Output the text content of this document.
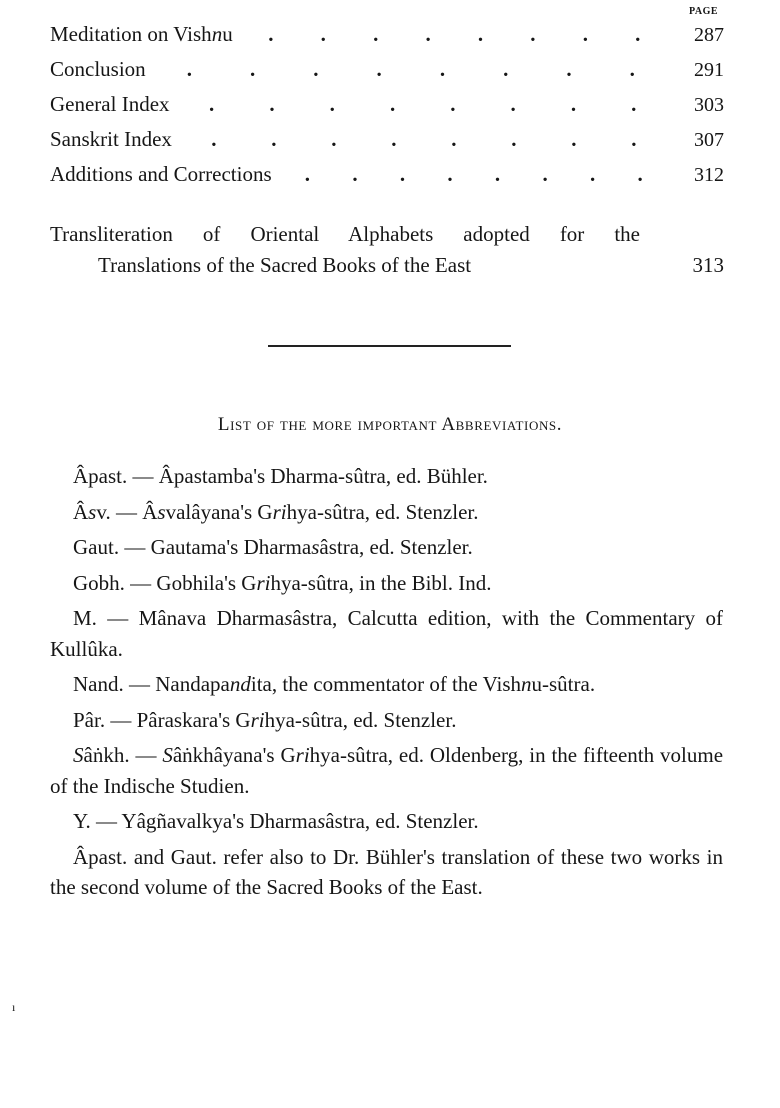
PAGE
Meditation on Vishnu . . . . . . . .	287
Conclusion .	.	.	.	.	.	.	.	291
General Index .	.	.	.	.	.	.	.	303
Sanskrit Index .	.	.	.	.	.	.	.	307
Additions and Corrections . . . . . . . .	312
Transliteration of Oriental Alphabets adopted for the
Translations of the Sacred Books of the East	313
List of the more important Abbreviations.
Âpast. — Âpastamba's Dharma-sûtra, ed. Bühler.
Âsv. — Âsvalâyana's Grihya-sûtra, ed. Stenzler.
Gaut. — Gautama's Dharmasâstra, ed. Stenzler.
Gobh. — Gobhila's Grihya-sûtra, in the Bibl. Ind.
M. — Mânava Dharmasâstra, Calcutta edition, with the Commentary of Kullûka.
Nand. — Nandapandita, the commentator of the Vishnu-sûtra.
Pâr. — Pâraskara's Grihya-sûtra, ed. Stenzler.
Sâṅkh. — Sâṅkhâyana's Grihya-sûtra, ed. Oldenberg, in the fifteenth volume of the Indische Studien.
Y. — Yâgñavalkya's Dharmasâstra, ed. Stenzler.
Âpast. and Gaut. refer also to Dr. Bühler's translation of these two works in the second volume of the Sacred Books of the East.
ı
